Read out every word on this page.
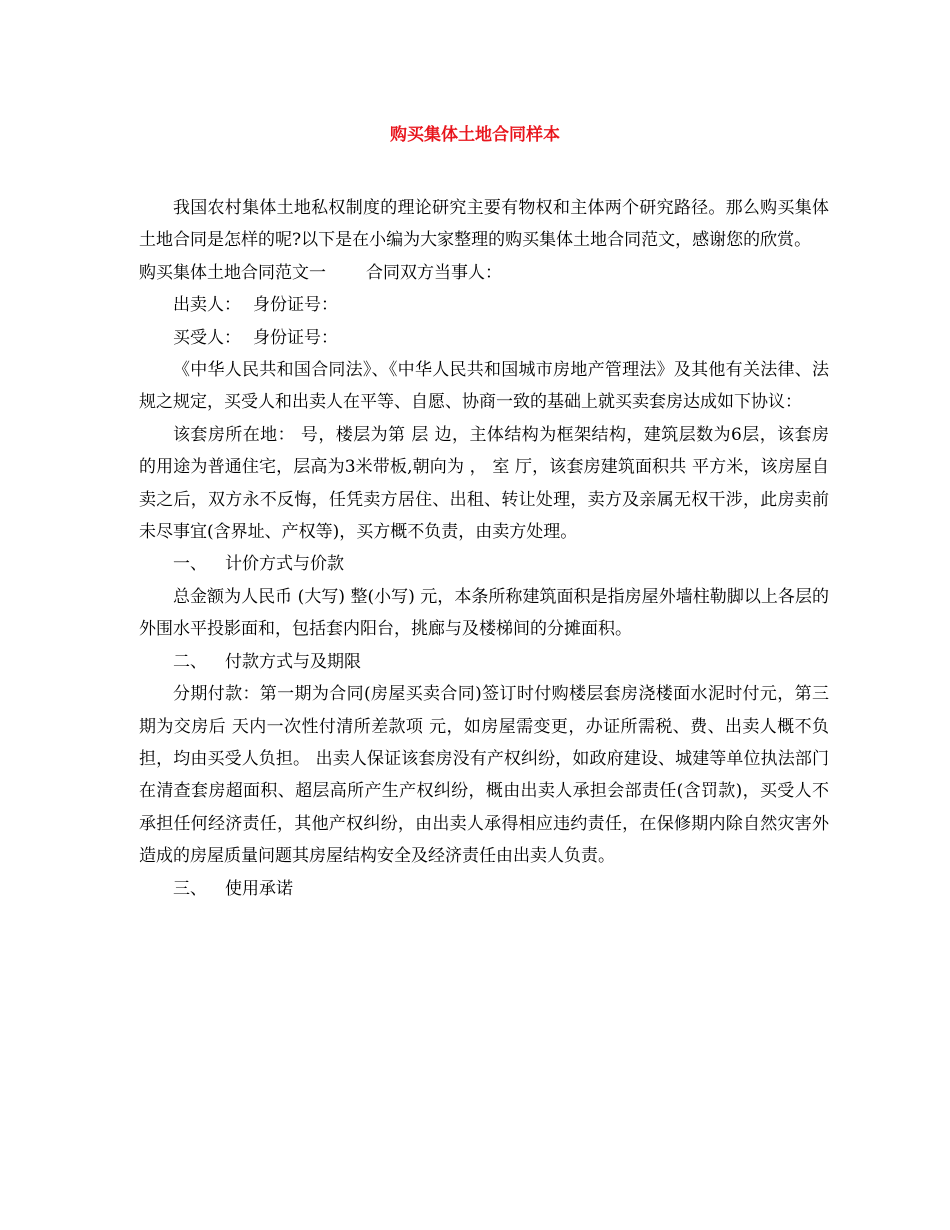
购买集体土地合同样本

我国农村集体土地私权制度的理论研究主要有物权和主体两个研究路径。那么购买集体土地合同是怎样的呢?以下是在小编为大家整理的购买集体土地合同范文，感谢您的欣赏。

购买集体土地合同范文一 合同双方当事人：

出卖人： 身份证号：

买受人： 身份证号：

《中华人民共和国合同法》、《中华人民共和国城市房地产管理法》及其他有关法律、法规之规定，买受人和出卖人在平等、自愿、协商一致的基础上就买卖套房达成如下协议：

该套房所在地： 号，楼层为第 层 边，主体结构为框架结构，建筑层数为6层，该套房的用途为普通住宅，层高为3米带板,朝向为 ， 室 厅，该套房建筑面积共 平方米，该房屋自卖之后，双方永不反悔，任凭卖方居住、出租、转让处理，卖方及亲属无权干涉，此房卖前未尽事宜(含界址、产权等)，买方概不负责，由卖方处理。

一、 计价方式与价款

总金额为人民币 (大写) 整(小写) 元，本条所称建筑面积是指房屋外墙柱勒脚以上各层的外围水平投影面和，包括套内阳台，挑廊与及楼梯间的分摊面积。

二、 付款方式与及期限

分期付款：第一期为合同(房屋买卖合同)签订时付购楼层套房浇楼面水泥时付元，第三期为交房后 天内一次性付清所差款项 元，如房屋需变更，办证所需税、费、出卖人概不负担，均由买受人负担。 出卖人保证该套房没有产权纠纷，如政府建设、城建等单位执法部门在清查套房超面积、超层高所产生产权纠纷，概由出卖人承担会部责任(含罚款)，买受人不承担任何经济责任，其他产权纠纷，由出卖人承得相应违约责任，在保修期内除自然灾害外造成的房屋质量问题其房屋结构安全及经济责任由出卖人负责。

三、 使用承诺
